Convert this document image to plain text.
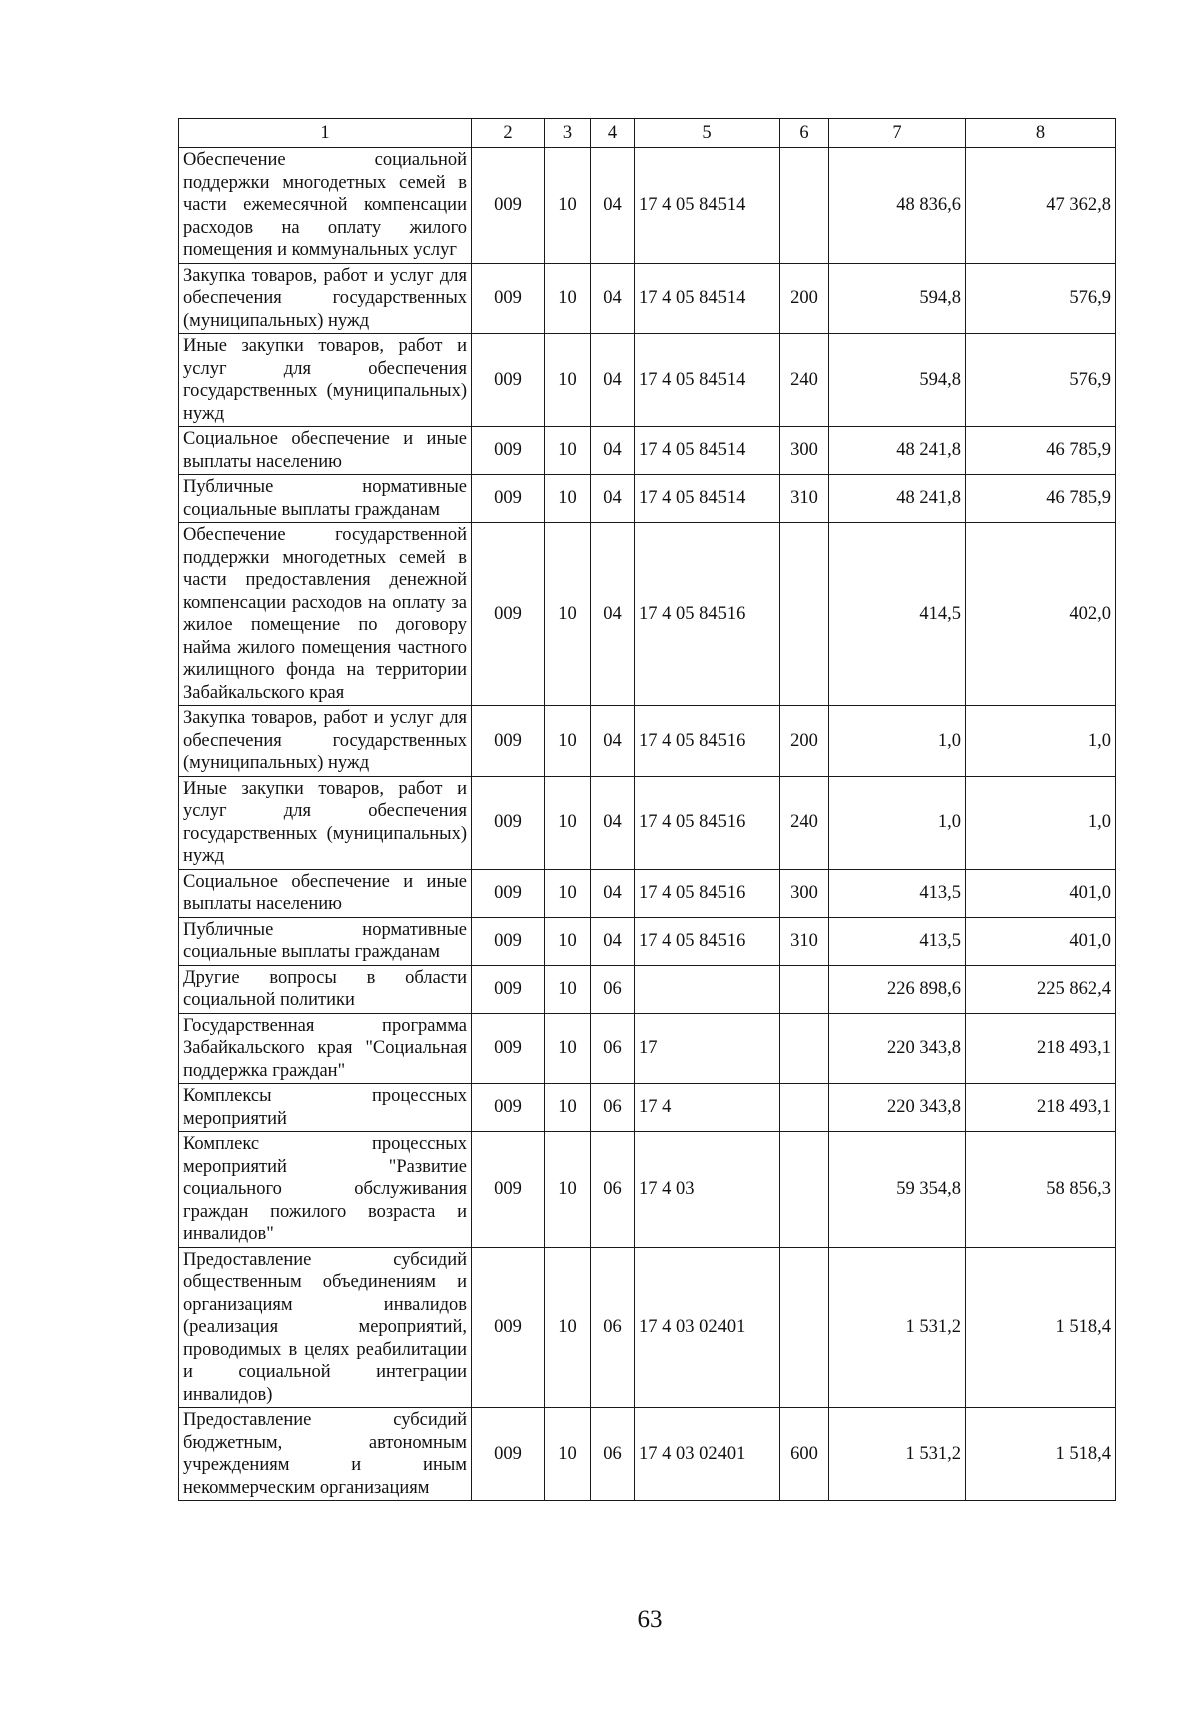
1	2	3	4	5	6	7	8
Обеспечение социальной поддержки многодетных семей в части ежемесячной компенсации расходов на оплату жилого помещения и коммунальных услуг	009	10	04	17 4 05 84514		48 836,6	47 362,8
Закупка товаров, работ и услуг для обеспечения государственных (муниципальных) нужд	009	10	04	17 4 05 84514	200	594,8	576,9
Иные закупки товаров, работ и услуг для обеспечения государственных (муниципальных) нужд	009	10	04	17 4 05 84514	240	594,8	576,9
Социальное обеспечение и иные выплаты населению	009	10	04	17 4 05 84514	300	48 241,8	46 785,9
Публичные нормативные социальные выплаты гражданам	009	10	04	17 4 05 84514	310	48 241,8	46 785,9
Обеспечение государственной поддержки многодетных семей в части предоставления денежной компенсации расходов на оплату за жилое помещение по договору найма жилого помещения частного жилищного фонда на территории Забайкальского края	009	10	04	17 4 05 84516		414,5	402,0
Закупка товаров, работ и услуг для обеспечения государственных (муниципальных) нужд	009	10	04	17 4 05 84516	200	1,0	1,0
Иные закупки товаров, работ и услуг для обеспечения государственных (муниципальных) нужд	009	10	04	17 4 05 84516	240	1,0	1,0
Социальное обеспечение и иные выплаты населению	009	10	04	17 4 05 84516	300	413,5	401,0
Публичные нормативные социальные выплаты гражданам	009	10	04	17 4 05 84516	310	413,5	401,0
Другие вопросы в области социальной политики	009	10	06			226 898,6	225 862,4
Государственная программа Забайкальского края "Социальная поддержка граждан"	009	10	06	17		220 343,8	218 493,1
Комплексы процессных мероприятий	009	10	06	17 4		220 343,8	218 493,1
Комплекс процессных мероприятий "Развитие социального обслуживания граждан пожилого возраста и инвалидов"	009	10	06	17 4 03		59 354,8	58 856,3
Предоставление субсидий общественным объединениям и организациям инвалидов (реализация мероприятий, проводимых в целях реабилитации и социальной интеграции инвалидов)	009	10	06	17 4 03 02401		1 531,2	1 518,4
Предоставление субсидий бюджетным, автономным учреждениям и иным некоммерческим организациям	009	10	06	17 4 03 02401	600	1 531,2	1 518,4
63
